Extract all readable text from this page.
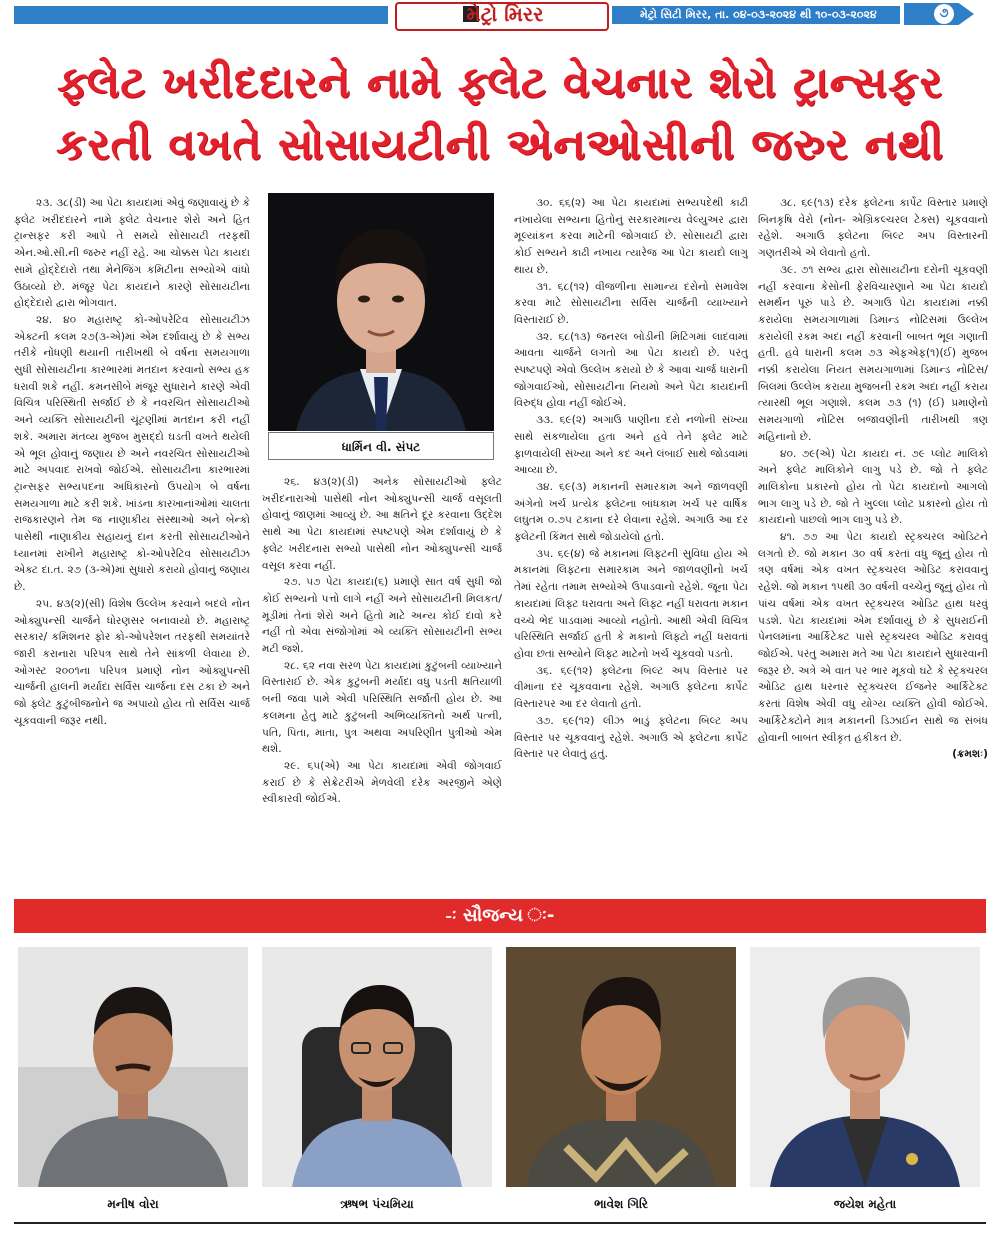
મેટ્રો મિરર	મેટ્રો સિટી મિરર, તા. ૦૪-૦૩-૨૦૨૪ થી ૧૦-૦૩-૨૦૨૪	૭
ફ્લેટ ખરીદદારને નામે ફ્લેટ વેચનાર શેરો ટ્રાન્સફર
કરતી વખતે સોસાયટીની એનઓસીની જરુર નથી

૨૩. ૩૮(ડી) આ પેટા કાયદામાં એવું જણાવાયું છે કે ફ્લેટ ખરીદદારને નામે ફ્લેટ વેચનાર શેરો અને હિત ટ્રાન્સફર કરી આપે તે સમયે સોસાયટી તરફથી એન.ઓ.સી.ની જરુર નહીં રહે. આ ચોક્કસ પેટા કાયદા સામે હોદ્દેદારો તથા મેનેજિંગ કમિટીના સભ્યોએ વાંધો ઉઠાવ્યો છે. મંજૂર પેટા કાયદાને કારણે સોસાયટીના હોદ્દેદારો દ્વારા ભોગવાત.

૨૪. ૪૦ મહારાષ્ટ્ર કો-ઓપરેટિવ સોસાયટીઝ એક્ટની કલમ ૨૭(૩-એ)માં એમ દર્શાવાયું છે કે સભ્ય તરીકે નોંધણી થયાની તારીખથી બે વર્ષના સમયગાળા સુધી સોસાયટીના કારભારમાં મતદાન કરવાનો સભ્ય હક ધરાવી શકે નહીં. કમનસીબે મંજૂર સુધારાને કારણે એવી વિચિત્ર પરિસ્થિતી સર્જાઈ છે કે નવરચિત સોસાયટીઓ અને વ્યક્તિ સોસાયટીની ચૂંટણીમાં મતદાન કરી નહીં શકે. અમારા મંતવ્ય મુજબ મુસદ્દો ઘડતી વખતે થયેલી એ ભૂલ હોવાનું જણાય છે અને નવરચિત સોસાયટીઓ માટે અપવાદ રાખવો જોઈએ. સોસાયટીના કારભારમાં ટ્રાન્સફર સભ્યપદના અધિકારનો ઉપયોગ બે વર્ષના સમયગાળા માટે કરી શકે. ખાંડના કારખાનાંઓમાં ચાલતા રાજકારણને તેમ જ નાણાકીય સંસ્થાઓ અને બેન્કો પાસેથી નાણાકીય સહાયનું દાન કરતી સોસાયટીઓને ધ્યાનમાં રાખીને મહારાષ્ટ્ર કો-ઓપરેટિવ સોસાયટીઝ એક્ટ દા.ત. ૨૭ (૩-એ)માં સુધારો કરાયો હોવાનું જણાય છે.

૨૫. ૪૩(૨)(સી) વિશેષ ઉલ્લેખ કરવાને બદલે નોન ઓક્યુપન્સી ચાર્જને ધોરણસર બનાવાયો છે. મહારાષ્ટ્ર સરકાર/ કમિશનર ફોર કો-ઓપરેશન તરફથી સમયાંતરે જારી કરાનારા પરિપત્ર સાથે તેને સાંકળી લેવાયા છે. ઓગસ્ટ ૨૦૦૧ના પરિપત્ર પ્રમાણે નોન ઓક્યુપન્સી ચાર્જની હાલની મર્યાદા સર્વિસ ચાર્જના દસ ટકા છે અને જો ફ્લેટ કુટુંબીજનોને જ અપાયો હોય તો સર્વિસ ચાર્જ ચૂકવવાની જરૂર નથી.

ધાર્મિન વી. સંપટ

૨૬. ૪૩(૨)(ડી) અનેક સોસાયટીઓ ફ્લેટ ખરીદનારાઓ પાસેથી નોન ઓક્યુપન્સી ચાર્જ વસૂલતી હોવાનું જાણમાં આવ્યું છે. આ ક્ષતિને દૂર કરવાના ઉદ્દેશ સાથે આ પેટા કાયદામાં સ્પષ્ટપણે એમ દર્શાવાયું છે કે ફ્લેટ ખરીદનારા સભ્યો પાસેથી નોન ઓક્યુપન્સી ચાર્જ વસૂલ કરવા નહીં.

૨૭. ૫૭ પેટા કાયદા(૬) પ્રમાણે સાત વર્ષ સુધી જો કોઈ સભ્યનો પત્તો લાગે નહીં અને સોસાયટીની મિલકત/ મૂડીમાં તેનાં શેરો અને હિતો માટે અન્ય કોઈ દાવો કરે નહીં તો એવા સંજોગોમાં એ વ્યક્તિ સોસાયટીની સભ્ય મટી જશે.

૨૮. ૬૨ નવા સરળ પેટા કાયદામાં કુટુંબની વ્યાખ્યાને વિસ્તારાઈ છે. એક કુટુંબની મર્યાદા વધુ પડતી ક્ષતિયાળી બની જવા પામે એવી પરિસ્થિતિ સર્જાતી હોય છે. આ કલમના હેતુ માટે કુટુંબની અભિવ્યક્તિનો અર્થ પત્ની, પતિ, પિતા, માતા, પુત્ર અથવા અપરિણીત પુત્રીઓ એમ થશે.

૨૯. ૬૫(એ) આ પેટા કાયદામાં એવી જોગવાઈ કરાઈ છે કે સેક્રેટરીએ મેળવેલી દરેક અરજીને એણે સ્વીકારવી જોઈએ.

૩૦. ૬૬(૨) આ પેટા કાયદામાં સભ્યપદેથી કાઢી નખાયેલા સભ્યના હિતોનું સરકારમાન્ય વેલ્યુઅર દ્વારા મૂલ્યાંકન કરવા માટેની જોગવાઈ છે. સોસાયટી દ્વારા કોઈ સભ્યને કાઢી નખાય ત્યારેજ આ પેટા કાયદો લાગુ થાય છે.

૩૧. ૬૮(૧૨) વીજળીના સામાન્ય દરોનો સમાવેશ કરવા માટે સોસાયટીના સર્વિસ ચાર્જની વ્યાખ્યાને વિસ્તારાઈ છે.

૩૨. ૬૮(૧૩) જનરલ બોડીની મિટિંગમાં લાદવામાં આવતા ચાર્જને લગતો આ પેટા કાયદો છે. પરંતુ સ્પષ્ટપણે એવો ઉલ્લેખ કરાયો છે કે આવા ચાર્જ ધારાની જોગવાઈઓ, સોસાયટીના નિયમો અને પેટા કાયદાની વિરુદ્ધ હોવા નહીં જોઈએ.

૩૩. ૬૯(૨) અગાઉ પાણીના દરો નળોની સંખ્યા સાથે સંકળાયેલા હતા અને હવે તેને ફ્લેટ માટે ફાળવાયેલી સંખ્યા અને કદ અને લંબાઈ સાથે જોડવામાં આવ્યા છે.

૩૪. ૬૯(૩) મકાનની સમારકામ અને જાળવણી અંગેનો ખર્ચ પ્રત્યેક ફ્લેટના બાંધકામ ખર્ચ પર વાર્ષિક લઘુતમ ૦.૭૫ ટકાના દરે લેવાના રહેશે. અગાઉ આ દર ફ્લેટની કિંમત સાથે જોડાયેલો હતો.

૩૫. ૬૯(૪) જે મકાનમાં લિફ્ટની સુવિધા હોય એ મકાનમાં લિફ્ટના સમારકામ અને જાળવણીનો ખર્ચ તેમાં રહેતા તમામ સભ્યોએ ઉપાડવાનો રહેશે. જૂના પેટા કાયદામાં લિફ્ટ ધરાવતા અને લિફ્ટ નહીં ધરાવતા મકાન વચ્ચે ભેદ પાડવામાં આવ્યો નહોતો. આથી એવી વિચિત્ર પરિસ્થિતિ સર્જાઈ હતી કે મકાનો લિફ્ટો નહીં ધરાવતાં હોવા છતાં સભ્યોને લિફ્ટ માટેનો ખર્ચ ચૂકવવો પડતો.

૩૬. ૬૯(૧૨) ફ્લેટના બિલ્ટ અપ વિસ્તાર પર વીમાના દર ચૂકવવાના રહેશે. અગાઉ ફ્લેટના કાર્પેટ વિસ્તારપર આ દર લેવાતો હતો.

૩૭. ૬૯(૧૨) લીઝ ભાડું ફ્લેટના બિલ્ટ અપ વિસ્તાર પર ચૂકવવાનું રહેશે. અગાઉ એ ફ્લેટના કાર્પેટ વિસ્તાર પર લેવાતું હતું.

૩૮. ૬૯(૧૩) દરેક ફ્લેટના કાર્પેટ વિસ્તાર પ્રમાણે બિનકૃષિ વેરો (નોન- એગ્રિકલ્ચરલ ટેક્સ) ચૂકવવાનો રહેશે. અગાઉ ફ્લેટના બિલ્ટ અપ વિસ્તારની ગણતરીએ એ લેવાતો હતો.

૩૯. ૭૧ સભ્ય દ્વારા સોસાયટીના દરોની ચૂકવણી નહીં કરવાના કેસોની ફેરવિચારણાને આ પેટા કાયદો સમર્થન પૂરું પાડે છે. અગાઉ પેટા કાયદામાં નક્કી કરાયેલા સમયગાળામાં ડિમાન્ડ નોટિસમાં ઉલ્લેખ કરાયેલી રકમ અદા નહીં કરવાની બાબત ભૂલ ગણાતી હતી. હવે ધારાની કલમ ૭૩ એફએફ(૧)(ઈ) મુજબ નક્કી કરાયેલા નિયત સમયગાળામાં ડિમાન્ડ નોટિસ/ બિલમાં ઉલ્લેખ કરાયા મુજબની રકમ અદા નહીં કરાય ત્યારથી ભૂલ ગણાશે. કલમ ૭૩ (૧) (ઈ) પ્રમાણેનો સમયગાળો નોટિસ બજાવણીની તારીખથી ત્રણ મહિનાનો છે.

૪૦. ૭૯(એ) પેટા કાયદા નં. ૭૯ પ્લોટ માલિકો અને ફ્લેટ માલિકોને લાગુ પડે છે. જો તે ફ્લેટ માલિકોના પ્રકારનો હોય તો પેટા કાયદાનો આગલો ભાગ લાગુ પડે છે. જો તે ખુલ્લા પ્લોટ પ્રકારનો હોય તો કાયદાનો પાછલો ભાગ લાગુ પડે છે.

૪૧. ૭૭ આ પેટા કાયદો સ્ટ્રક્ચરલ ઓડિટને લગતો છે. જો મકાન ૩૦ વર્ષ કરતાં વધુ જૂનું હોય તો ત્રણ વર્ષમાં એક વખત સ્ટ્રક્ચરલ ઓડિટ કરાવવાનું રહેશે. જો મકાન ૧૫થી ૩૦ વર્ષની વચ્ચેનું જૂનું હોય તો પાંચ વર્ષમાં એક વખત સ્ટ્રક્ચરલ ઓડિટ હાથ ધરવું પડશે. પેટા કાયદામાં એમ દર્શાવાયું છે કે સુધરાઈની પેનલમાંના આર્કિટેક્ટ પાસે સ્ટ્રક્ચરલ ઓડિટ કરાવવું જોઈએ. પરંતુ અમારા મતે આ પેટા કાયદાને સુધારવાની જરૂર છે. અત્રે એ વાત પર ભાર મૂકવો ઘટે કે સ્ટ્રક્ચરલ ઓડિટ હાથ ધરનાર સ્ટ્રક્ચરલ ઈજનેર આર્કિટેક્ટ કરતાં વિશેષ એવી વધુ યોગ્ય વ્યક્તિ હોવી જોઈએ. આર્કિટેક્ટોને માત્ર મકાનની ડિઝાઈન સાથે જ સંબંધ હોવાની બાબત સ્વીકૃત હકીકત છે.

(ક્રમશઃ)

-ઃ સૌજન્ય ઃ-
મનીષ વોરા	ઋષભ પંચમિયા	ભાવેશ ગિરિ	જયેશ મહેતા
